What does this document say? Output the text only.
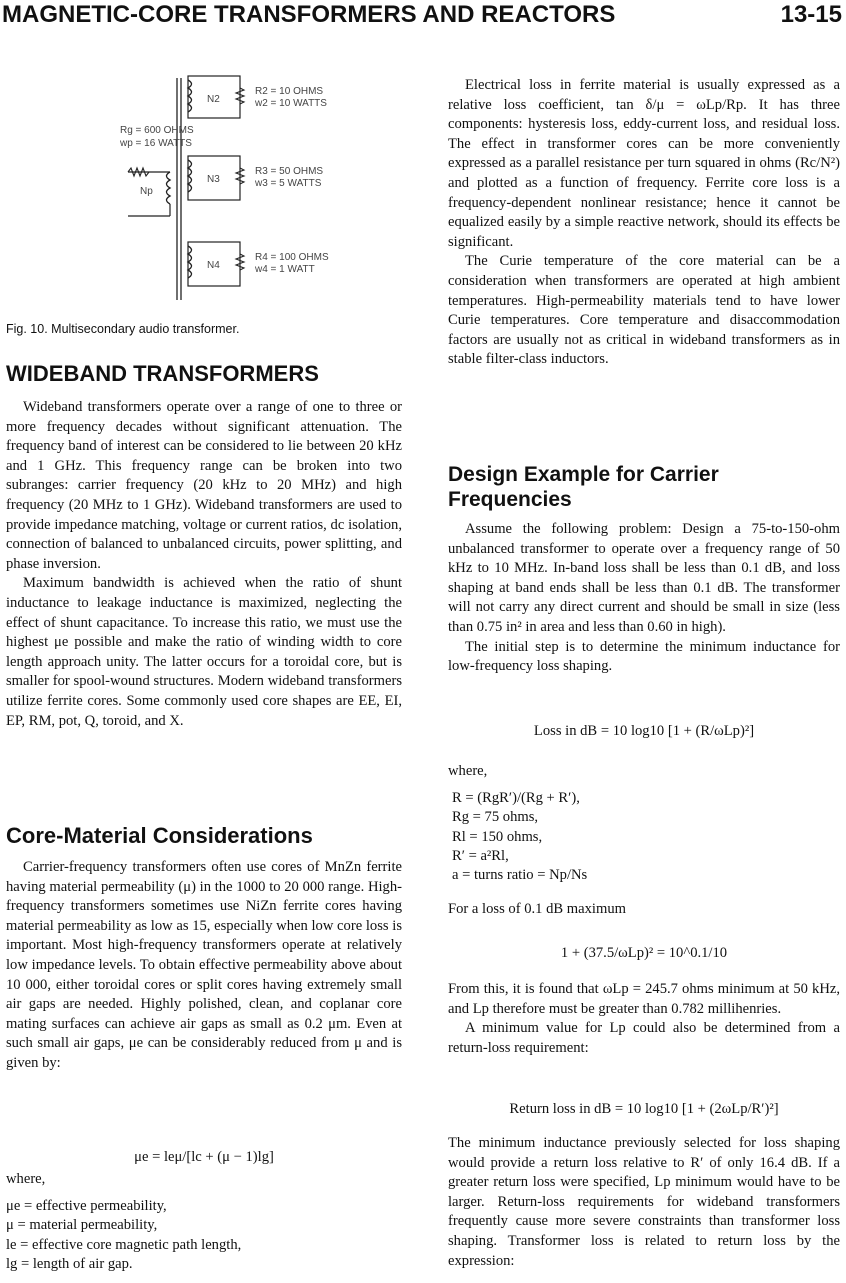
MAGNETIC-CORE TRANSFORMERS AND REACTORS	13-15
Rg = 600 OHMS
wp = 16 WATTS
Np
N2
R2 = 10 OHMS
w2 = 10 WATTS
N3
R3 = 50 OHMS
w3 = 5 WATTS
N4
R4 = 100 OHMS
w4 = 1 WATT
Fig. 10. Multisecondary audio transformer.
WIDEBAND TRANSFORMERS

Wideband transformers operate over a range of one to three or more frequency decades without significant attenuation. The frequency band of interest can be considered to lie between 20 kHz and 1 GHz. This frequency range can be broken into two subranges: carrier frequency (20 kHz to 20 MHz) and high frequency (20 MHz to 1 GHz). Wideband transformers are used to provide impedance matching, voltage or current ratios, dc isolation, connection of balanced to unbalanced circuits, power splitting, and phase inversion.

Maximum bandwidth is achieved when the ratio of shunt inductance to leakage inductance is maximized, neglecting the effect of shunt capacitance. To increase this ratio, we must use the highest μe possible and make the ratio of winding width to core length approach unity. The latter occurs for a toroidal core, but is smaller for spool-wound structures. Modern wideband transformers utilize ferrite cores. Some commonly used core shapes are EE, EI, EP, RM, pot, Q, toroid, and X.

Core-Material Considerations

Carrier-frequency transformers often use cores of MnZn ferrite having material permeability (μ) in the 1000 to 20 000 range. High-frequency transformers sometimes use NiZn ferrite cores having material permeability as low as 15, especially when low core loss is important. Most high-frequency transformers operate at relatively low impedance levels. To obtain effective permeability above about 10 000, either toroidal cores or split cores having extremely small air gaps are needed. Highly polished, clean, and coplanar core mating surfaces can achieve air gaps as small as 0.2 μm. Even at such small air gaps, μe can be considerably reduced from μ and is given by:

μe = leμ/[lc + (μ − 1)lg]
where,
μe = effective permeability,
μ = material permeability,
le = effective core magnetic path length,
lg = length of air gap.

Electrical loss in ferrite material is usually expressed as a relative loss coefficient, tan δ/μ = ωLp/Rp. It has three components: hysteresis loss, eddy-current loss, and residual loss. The effect in transformer cores can be more conveniently expressed as a parallel resistance per turn squared in ohms (Rc/N²) and plotted as a function of frequency. Ferrite core loss is a frequency-dependent nonlinear resistance; hence it cannot be equalized easily by a simple reactive network, should its effects be significant.

The Curie temperature of the core material can be a consideration when transformers are operated at high ambient temperatures. High-permeability materials tend to have lower Curie temperatures. Core temperature and disaccommodation factors are usually not as critical in wideband transformers as in stable filter-class inductors.

Design Example for Carrier
Frequencies

Assume the following problem: Design a 75-to-150-ohm unbalanced transformer to operate over a frequency range of 50 kHz to 10 MHz. In-band loss shall be less than 0.1 dB, and loss shaping at band ends shall be less than 0.1 dB. The transformer will not carry any direct current and should be small in size (less than 0.75 in² in area and less than 0.60 in high).

The initial step is to determine the minimum inductance for low-frequency loss shaping.

Loss in dB = 10 log10 [1 + (R/ωLp)²]
where,
R = (RgR′)/(Rg + R′),
Rg = 75 ohms,
Rl = 150 ohms,
R′ = a²Rl,
a = turns ratio = Np/Ns

For a loss of 0.1 dB maximum

1 + (37.5/ωLp)² = 10^0.1/10

From this, it is found that ωLp = 245.7 ohms minimum at 50 kHz, and Lp therefore must be greater than 0.782 millihenries.

A minimum value for Lp could also be determined from a return-loss requirement:

Return loss in dB = 10 log10 [1 + (2ωLp/R′)²]

The minimum inductance previously selected for loss shaping would provide a return loss relative to R′ of only 16.4 dB. If a greater return loss were specified, Lp minimum would have to be larger. Return-loss requirements for wideband transformers frequently cause more severe constraints than transformer loss shaping. Transformer loss is related to return loss by the expression:
